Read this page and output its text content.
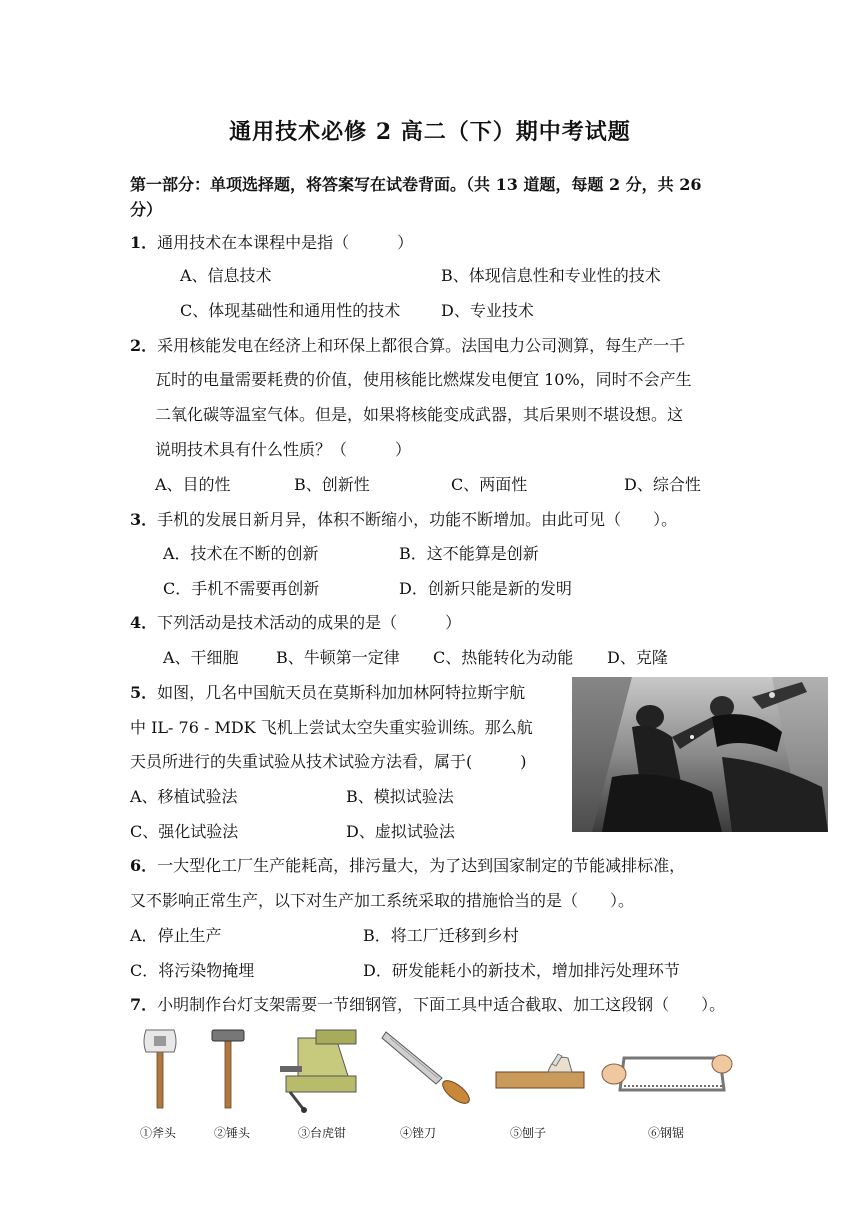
通用技术必修 2 高二（下）期中考试题
第一部分：单项选择题，将答案写在试卷背面。（共 13 道题，每题 2 分，共 26
分）
1．通用技术在本课程中是指（　　　）
A、信息技术	B、体现信息性和专业性的技术
C、体现基础性和通用性的技术	D、专业技术
2．采用核能发电在经济上和环保上都很合算。法国电力公司测算，每生产一千
瓦时的电量需要耗费的价值，使用核能比燃煤发电便宜 10%，同时不会产生
二氧化碳等温室气体。但是，如果将核能变成武器，其后果则不堪设想。这
说明技术具有什么性质？（　　　）
A、目的性	B、创新性	C、两面性	D、综合性
3．手机的发展日新月异，体积不断缩小，功能不断增加。由此可见（　　）。
A．技术在不断的创新	B．这不能算是创新
C．手机不需要再创新	D．创新只能是新的发明
4．下列活动是技术活动的成果的是（　　　）
A、干细胞 B、牛顿第一定律 C、热能转化为动能 D、克隆
5．如图，几名中国航天员在莫斯科加加林阿特拉斯宇航
中 IL- 76 - MDK 飞机上尝试太空失重实验训练。那么航
天员所进行的失重试验从技术试验方法看，属于(　　　)
A、移植试验法	B、模拟试验法
C、强化试验法	D、虚拟试验法
6．一大型化工厂生产能耗高，排污量大，为了达到国家制定的节能减排标准，
又不影响正常生产，以下对生产加工系统采取的措施恰当的是（　　）。
A．停止生产	B．将工厂迁移到乡村
C．将污染物掩埋	D．研发能耗小的新技术，增加排污处理环节
7．小明制作台灯支架需要一节细钢管，下面工具中适合截取、加工这段钢（　　）。
①斧头	②锤头	③台虎钳	④锉刀	⑤刨子	⑥钢锯
